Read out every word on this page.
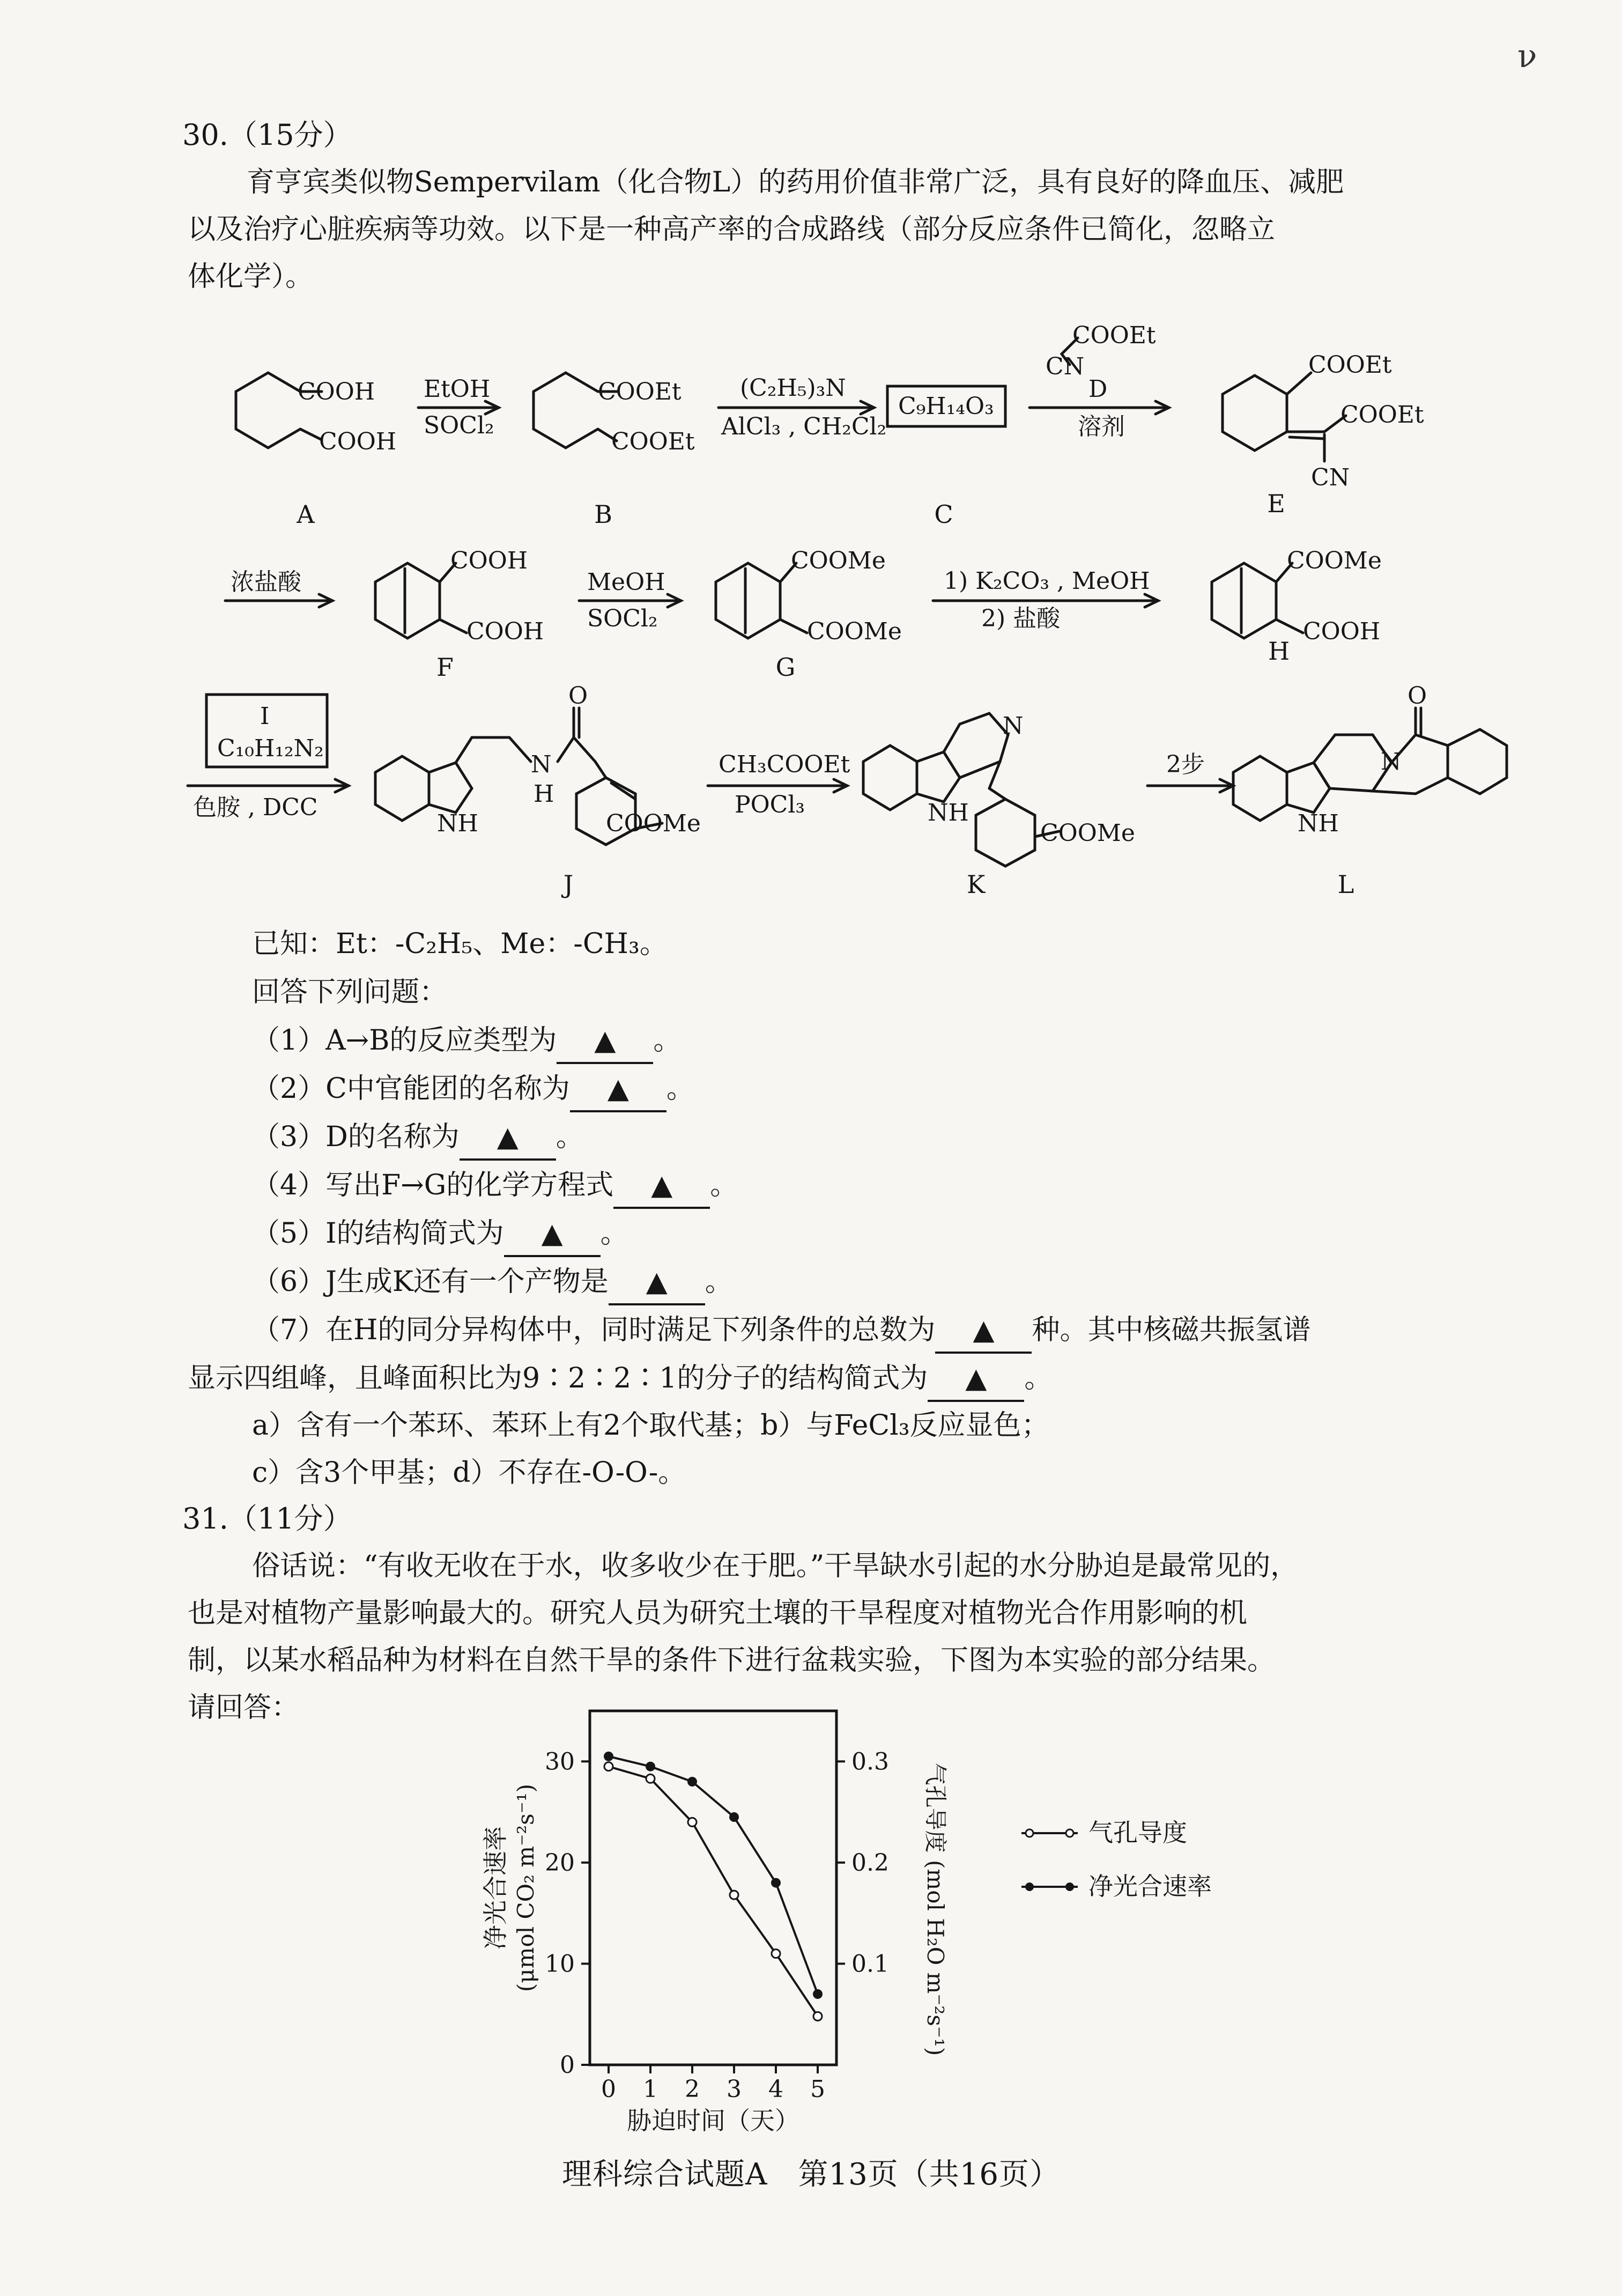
ν
30.（15分）
育亨宾类似物Sempervilam（化合物L）的药用价值非常广泛，具有良好的降血压、减肥
以及治疗心脏疾病等功效。以下是一种高产率的合成路线（部分反应条件已简化，忽略立
体化学）。
COOH
COOH
EtOH
SOCl₂
COOEt
COOEt
(C₂H₅)₃N
AlCl₃ , CH₂Cl₂
C₉H₁₄O₃
COOEt
CN
D
溶剂
COOEt
COOEt
CN
浓盐酸
COOH
COOH
MeOH
SOCl₂
COOMe
COOMe
1) K₂CO₃ , MeOH
2) 盐酸
COOMe
COOH
I
C₁₀H₁₂N₂
色胺 , DCC
NH
N
H
O
COOMe
CH₃COOEt
POCl₃
N
NH
COOMe
2步
NH
N
O
A	B	C	E
F	G
H
J	K	L
已知：Et：-C₂H₅、Me：-CH₃。
回答下列问题：
（1）A→B的反应类型为 ▲ 。
（2）C中官能团的名称为 ▲ 。
（3）D的名称为 ▲ 。
（4）写出F→G的化学方程式 ▲ 。
（5）I的结构简式为 ▲ 。
（6）J生成K还有一个产物是 ▲ 。
（7）在H的同分异构体中，同时满足下列条件的总数为 ▲ 种。其中核磁共振氢谱
显示四组峰，且峰面积比为9∶2∶2∶1的分子的结构简式为 ▲ 。
a）含有一个苯环、苯环上有2个取代基；b）与FeCl₃反应显色；
c）含3个甲基；d）不存在-O-O-。
31.（11分）
俗话说：“有收无收在于水，收多收少在于肥。”干旱缺水引起的水分胁迫是最常见的，
也是对植物产量影响最大的。研究人员为研究土壤的干旱程度对植物光合作用影响的机
制，以某水稻品种为材料在自然干旱的条件下进行盆栽实验，下图为本实验的部分结果。
请回答：
0 1 2 3 4 5
0
10
20
30
0.1
0.2
0.3
胁迫时间（天）
净光合速率 (μmol CO₂ m⁻²s⁻¹)	气孔导度 (mol H₂O m⁻²s⁻¹)	气孔导度
净光合速率
理科综合试题A　第13页（共16页）
